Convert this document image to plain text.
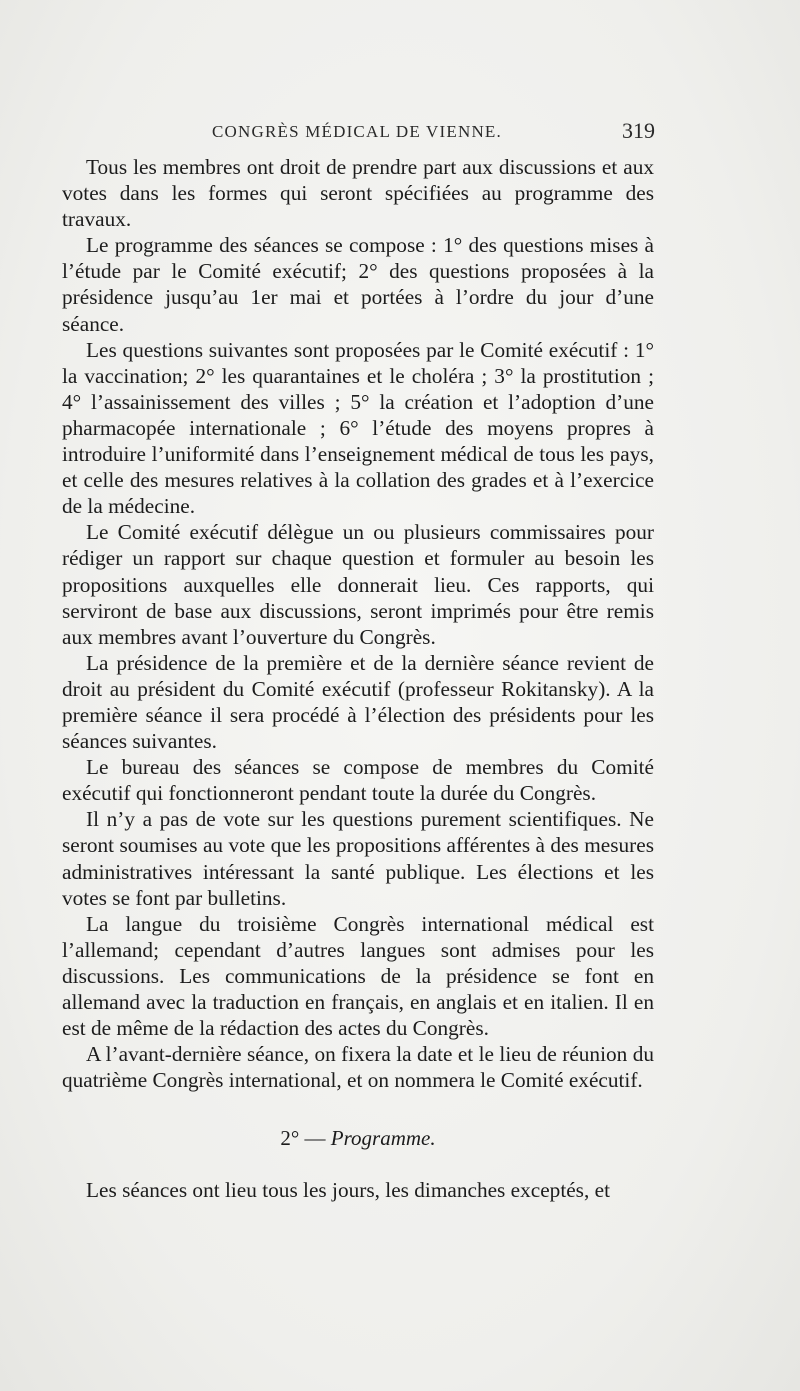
CONGRÈS MÉDICAL DE VIENNE.	319

Tous les membres ont droit de prendre part aux discussions et aux votes dans les formes qui seront spécifiées au programme des travaux.

Le programme des séances se compose : 1° des questions mises à l’étude par le Comité exécutif; 2° des questions proposées à la présidence jusqu’au 1er mai et portées à l’ordre du jour d’une séance.

Les questions suivantes sont proposées par le Comité exécutif : 1° la vaccination; 2° les quarantaines et le choléra ; 3° la prostitution ; 4° l’assainissement des villes ; 5° la création et l’adoption d’une pharmacopée internationale ; 6° l’étude des moyens propres à introduire l’uniformité dans l’enseignement médical de tous les pays, et celle des mesures relatives à la collation des grades et à l’exercice de la médecine.

Le Comité exécutif délègue un ou plusieurs commissaires pour rédiger un rapport sur chaque question et formuler au besoin les propositions auxquelles elle donnerait lieu. Ces rapports, qui serviront de base aux discussions, seront imprimés pour être remis aux membres avant l’ouverture du Congrès.

La présidence de la première et de la dernière séance revient de droit au président du Comité exécutif (professeur Rokitansky). A la première séance il sera procédé à l’élection des présidents pour les séances suivantes.

Le bureau des séances se compose de membres du Comité exécutif qui fonctionneront pendant toute la durée du Congrès.

Il n’y a pas de vote sur les questions purement scientifiques. Ne seront soumises au vote que les propositions afférentes à des mesures administratives intéressant la santé publique. Les élections et les votes se font par bulletins.

La langue du troisième Congrès international médical est l’allemand; cependant d’autres langues sont admises pour les discussions. Les communications de la présidence se font en allemand avec la traduction en français, en anglais et en italien. Il en est de même de la rédaction des actes du Congrès.

A l’avant-dernière séance, on fixera la date et le lieu de réunion du quatrième Congrès international, et on nommera le Comité exécutif.

2° — Programme.
Les séances ont lieu tous les jours, les dimanches exceptés, et
